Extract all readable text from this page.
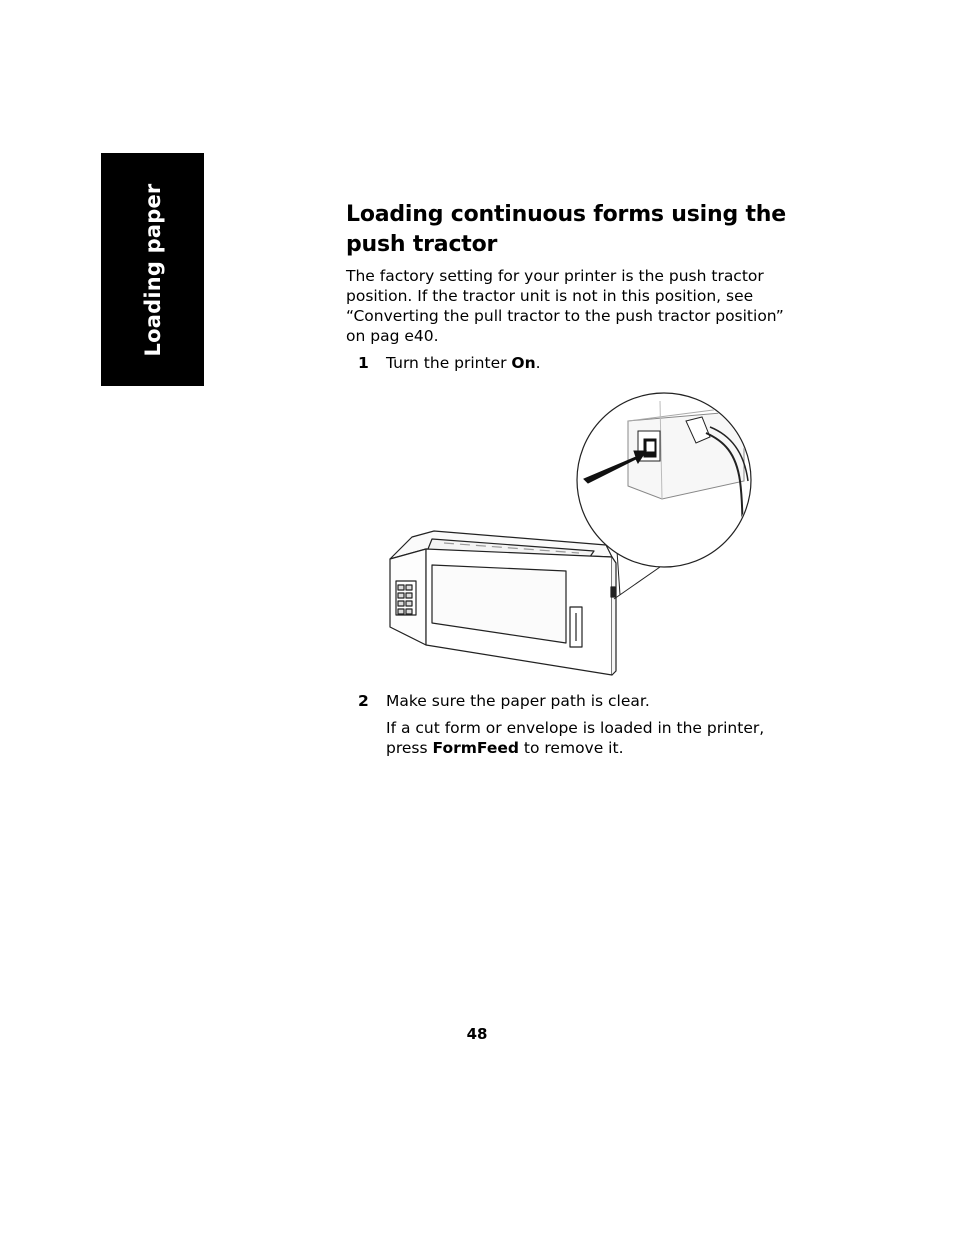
Loading paper	Loading continuous forms using the push tractor

The factory setting for your printer is the push tractor position. If the tractor unit is not in this position, see “Converting the pull tractor to the push tractor position” on pag e40.

1 Turn the printer On.
2 Make sure the paper path is clear.
If a cut form or envelope is loaded in the printer, press FormFeed to remove it.
48
